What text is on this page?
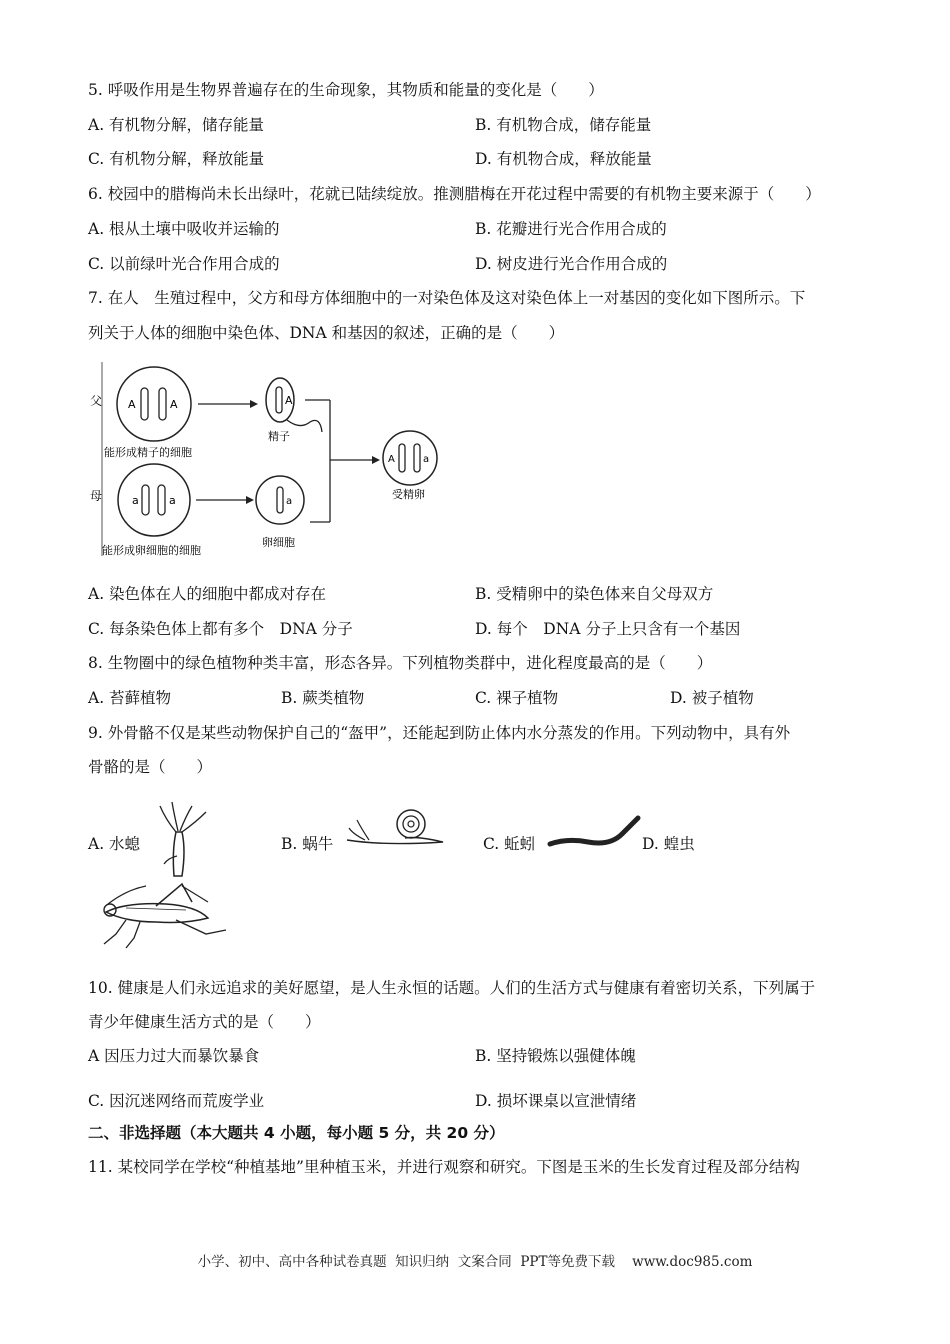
5. 呼吸作用是生物界普遍存在的生命现象，其物质和能量的变化是（　　）
A. 有机物分解，储存能量	B. 有机物合成，储存能量
C. 有机物分解，释放能量	D. 有机物合成，释放能量
6. 校园中的腊梅尚未长出绿叶，花就已陆续绽放。推测腊梅在开花过程中需要的有机物主要来源于（　　）
A. 根从土壤中吸收并运输的	B. 花瓣进行光合作用合成的
C. 以前绿叶光合作用合成的	D. 树皮进行光合作用合成的
7. 在人　生殖过程中，父方和母方体细胞中的一对染色体及这对染色体上一对基因的变化如下图所示。下
列关于人体的细胞中染色体、DNA 和基因的叙述，正确的是（　　）
父 A	A
能形成精子的细胞
A
精子
A	a
受精卵
母	a	a
能形成卵细胞的细胞
a
卵细胞
A. 染色体在人的细胞中都成对存在	B. 受精卵中的染色体来自父母双方
C. 每条染色体上都有多个　DNA 分子	D. 每个　DNA 分子上只含有一个基因
8. 生物圈中的绿色植物种类丰富，形态各异。下列植物类群中，进化程度最高的是（　　）
A. 苔藓植物	B. 蕨类植物	C. 裸子植物	D. 被子植物
9. 外骨骼不仅是某些动物保护自己的“盔甲”，还能起到防止体内水分蒸发的作用。下列动物中，具有外
骨骼的是（　　）
A. 水螅	B. 蜗牛	C. 蚯蚓	D. 蝗虫
10. 健康是人们永远追求的美好愿望，是人生永恒的话题。人们的生活方式与健康有着密切关系，下列属于
青少年健康生活方式的是（　　）
A 因压力过大而暴饮暴食	B. 坚持锻炼以强健体魄
C. 因沉迷网络而荒废学业	D. 损坏课桌以宣泄情绪
二、非选择题（本大题共 4 小题，每小题 5 分，共 20 分）
11. 某校同学在学校“种植基地”里种植玉米，并进行观察和研究。下图是玉米的生长发育过程及部分结构
小学、初中、高中各种试卷真题  知识归纳  文案合同  PPT等免费下载    www.doc985.com
